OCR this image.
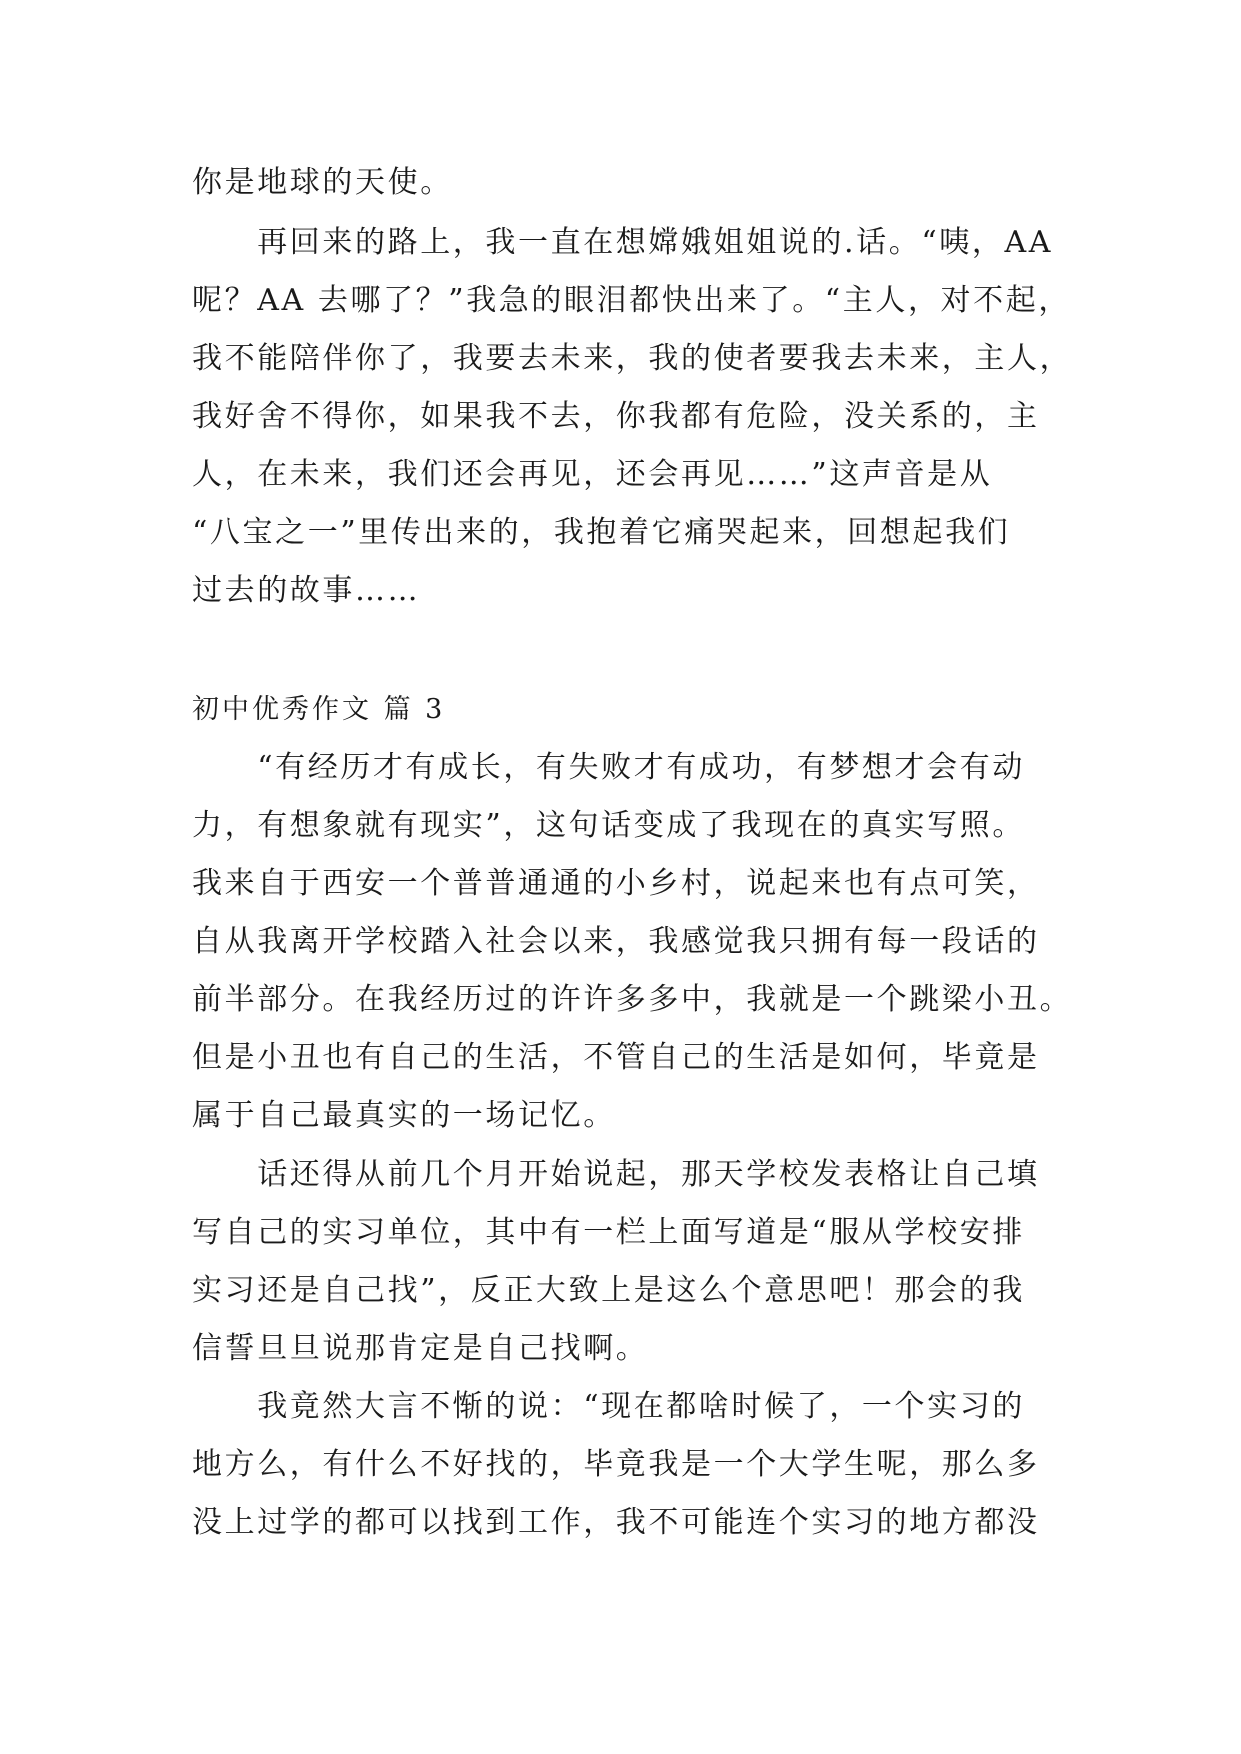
你是地球的天使。
　　再回来的路上，我一直在想嫦娥姐姐说的.话。“咦，AA
呢？AA 去哪了？”我急的眼泪都快出来了。“主人，对不起，
我不能陪伴你了，我要去未来，我的使者要我去未来，主人，
我好舍不得你，如果我不去，你我都有危险，没关系的，主
人，在未来，我们还会再见，还会再见……”这声音是从
“八宝之一”里传出来的，我抱着它痛哭起来，回想起我们
过去的故事……
初中优秀作文 篇 3
　　“有经历才有成长，有失败才有成功，有梦想才会有动
力，有想象就有现实”，这句话变成了我现在的真实写照。
我来自于西安一个普普通通的小乡村，说起来也有点可笑，
自从我离开学校踏入社会以来，我感觉我只拥有每一段话的
前半部分。在我经历过的许许多多中，我就是一个跳梁小丑。
但是小丑也有自己的生活，不管自己的生活是如何，毕竟是
属于自己最真实的一场记忆。
　　话还得从前几个月开始说起，那天学校发表格让自己填
写自己的实习单位，其中有一栏上面写道是“服从学校安排
实习还是自己找”，反正大致上是这么个意思吧！那会的我
信誓旦旦说那肯定是自己找啊。
　　我竟然大言不惭的说：“现在都啥时候了，一个实习的
地方么，有什么不好找的，毕竟我是一个大学生呢，那么多
没上过学的都可以找到工作，我不可能连个实习的地方都没
